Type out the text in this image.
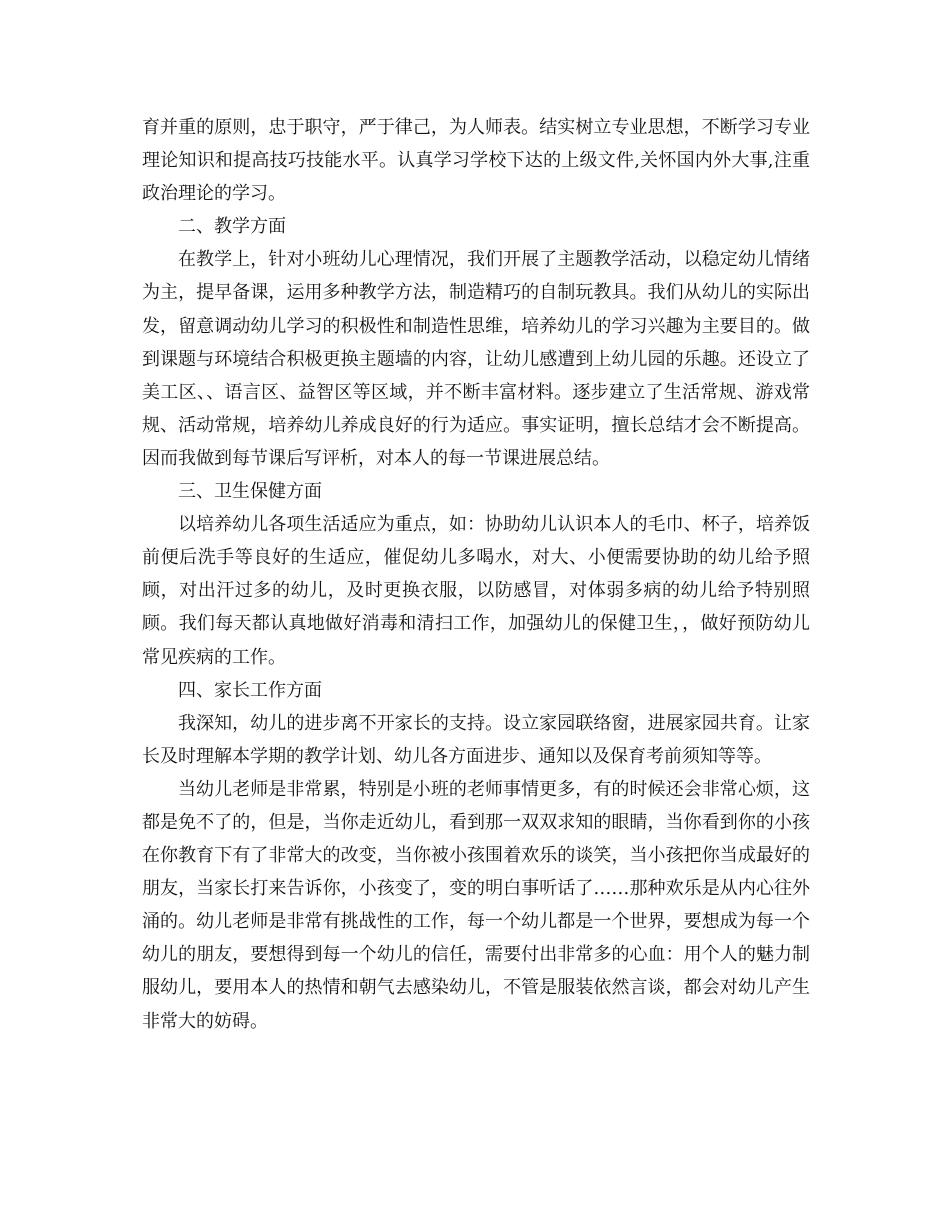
育并重的原则，忠于职守，严于律己，为人师表。结实树立专业思想，不断学习专业理论知识和提高技巧技能水平。认真学习学校下达的上级文件,关怀国内外大事,注重政治理论的学习。

二、教学方面

在教学上，针对小班幼儿心理情况，我们开展了主题教学活动，以稳定幼儿情绪为主，提早备课，运用多种教学方法，制造精巧的自制玩教具。我们从幼儿的实际出发，留意调动幼儿学习的积极性和制造性思维，培养幼儿的学习兴趣为主要目的。做到课题与环境结合积极更换主题墙的内容，让幼儿感遭到上幼儿园的乐趣。还设立了美工区、、语言区、益智区等区域，并不断丰富材料。逐步建立了生活常规、游戏常规、活动常规，培养幼儿养成良好的行为适应。事实证明，擅长总结才会不断提高。因而我做到每节课后写评析，对本人的每一节课进展总结。

三、卫生保健方面

以培养幼儿各项生活适应为重点，如：协助幼儿认识本人的毛巾、杯子，培养饭前便后洗手等良好的生适应，催促幼儿多喝水，对大、小便需要协助的幼儿给予照顾，对出汗过多的幼儿，及时更换衣服，以防感冒，对体弱多病的幼儿给予特别照顾。我们每天都认真地做好消毒和清扫工作，加强幼儿的保健卫生，，做好预防幼儿常见疾病的工作。

四、家长工作方面

我深知，幼儿的进步离不开家长的支持。设立家园联络窗，进展家园共育。让家长及时理解本学期的教学计划、幼儿各方面进步、通知以及保育考前须知等等。

当幼儿老师是非常累，特别是小班的老师事情更多，有的时候还会非常心烦，这都是免不了的，但是，当你走近幼儿，看到那一双双求知的眼睛，当你看到你的小孩在你教育下有了非常大的改变，当你被小孩围着欢乐的谈笑，当小孩把你当成最好的朋友，当家长打来告诉你，小孩变了，变的明白事听话了……那种欢乐是从内心往外涌的。幼儿老师是非常有挑战性的工作，每一个幼儿都是一个世界，要想成为每一个幼儿的朋友，要想得到每一个幼儿的信任，需要付出非常多的心血：用个人的魅力制服幼儿，要用本人的热情和朝气去感染幼儿，不管是服装依然言谈，都会对幼儿产生非常大的妨碍。
